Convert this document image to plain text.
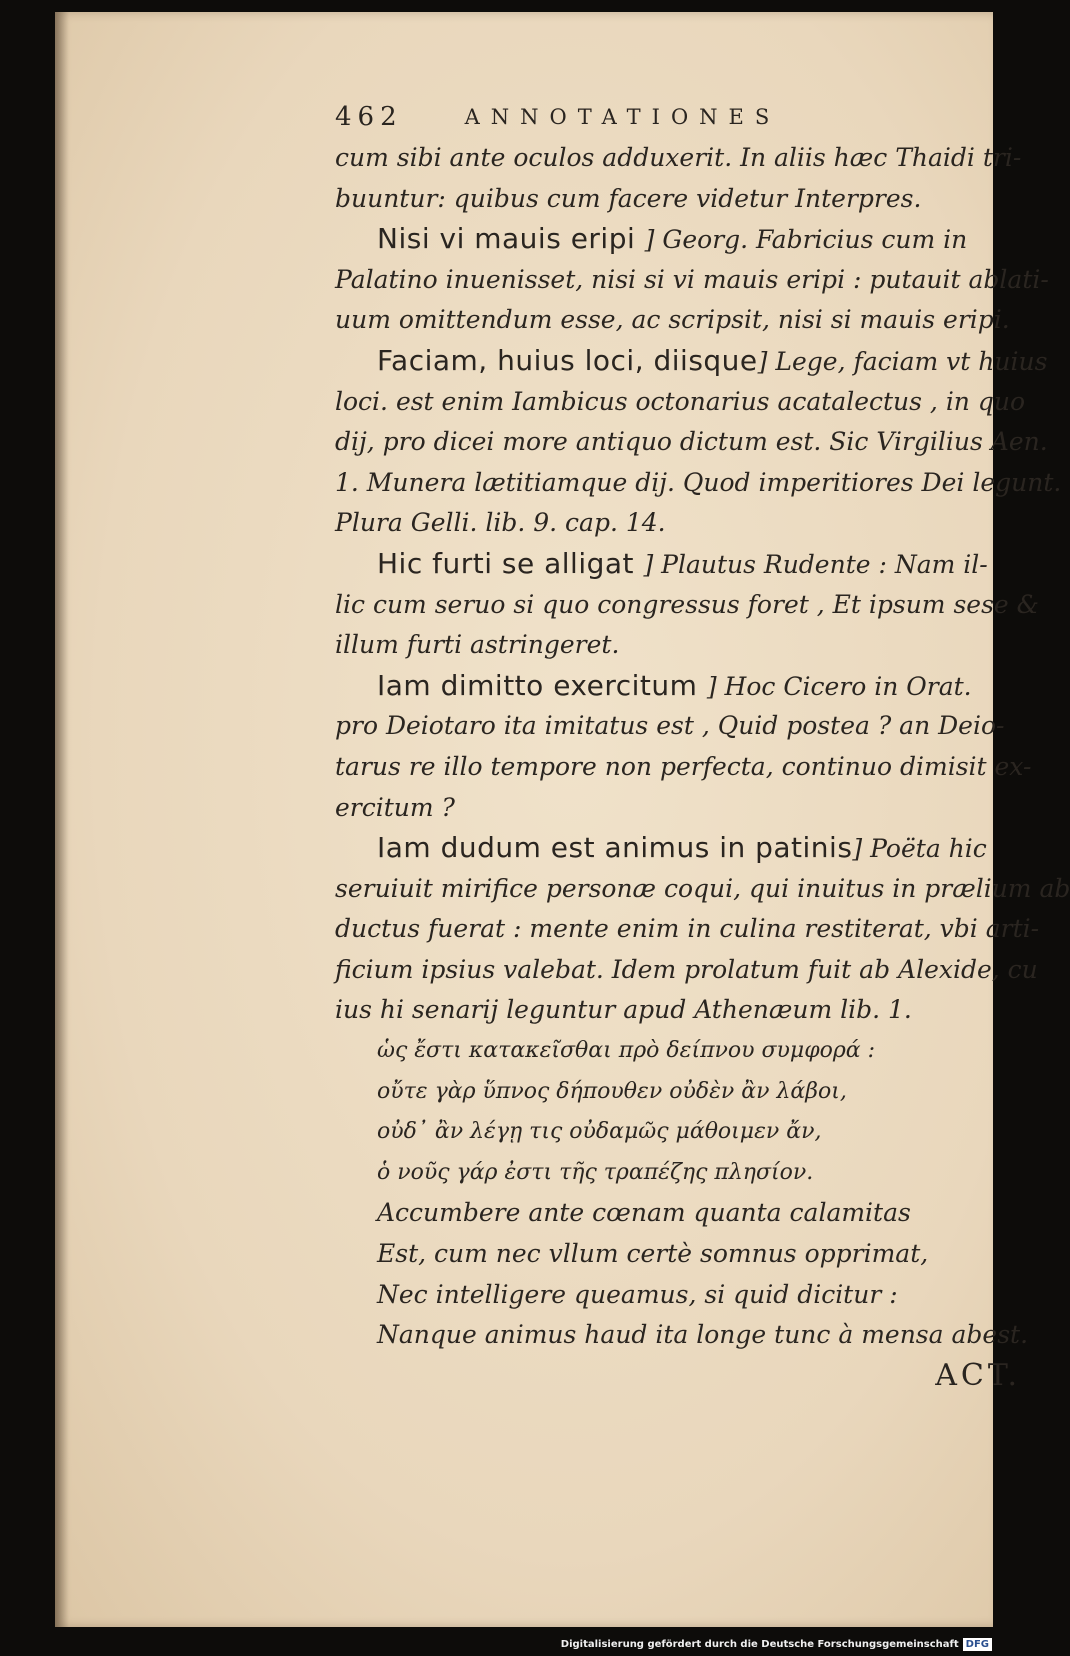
462	ANNOTATIONES
cum sibi ante oculos adduxerit. In aliis hæc Thaidi tri-
buuntur: quibus cum facere videtur Interpres.
Nisi vi mauis eripi ] Georg. Fabricius cum in
Palatino inuenisset, nisi si vi mauis eripi : putauit ablati-
uum omittendum esse, ac scripsit, nisi si mauis eripi.
Faciam, huius loci, diisque] Lege, faciam vt huius
loci. est enim Iambicus octonarius acatalectus , in quo
dij, pro dicei more antiquo dictum est. Sic Virgilius Aen.
1. Munera lætitiamque dij. Quod imperitiores Dei legunt.
Plura Gelli. lib. 9. cap. 14.
Hic furti se alligat ] Plautus Rudente : Nam il-
lic cum seruo si quo congressus foret , Et ipsum sese &
illum furti astringeret.
Iam dimitto exercitum ] Hoc Cicero in Orat.
pro Deiotaro ita imitatus est , Quid postea ? an Deio-
tarus re illo tempore non perfecta, continuo dimisit ex-
ercitum ?
Iam dudum est animus in patinis] Poëta hic
seruiuit mirifice personæ coqui, qui inuitus in prælium ab
ductus fuerat : mente enim in culina restiterat, vbi arti-
ficium ipsius valebat. Idem prolatum fuit ab Alexide, cu
ius hi senarij leguntur apud Athenæum lib. 1.
ὡς ἔστι κατακεῖσθαι πρὸ δείπνου συμφορά :
οὔτε γὰρ ὕπνος δήπουθεν οὐδὲν ἂν λάβοι,
οὐδ᾽ ἂν λέγῃ τις οὐδαμῶς μάθοιμεν ἄν,
ὁ νοῦς γάρ ἐστι τῆς τραπέζης πλησίον.
Accumbere ante cœnam quanta calamitas
Est, cum nec vllum certè somnus opprimat,
Nec intelligere queamus, si quid dicitur :
Nanque animus haud ita longe tunc à mensa abest.
ACT.
Digitalisierung gefördert durch die Deutsche Forschungsgemeinschaft DFG
